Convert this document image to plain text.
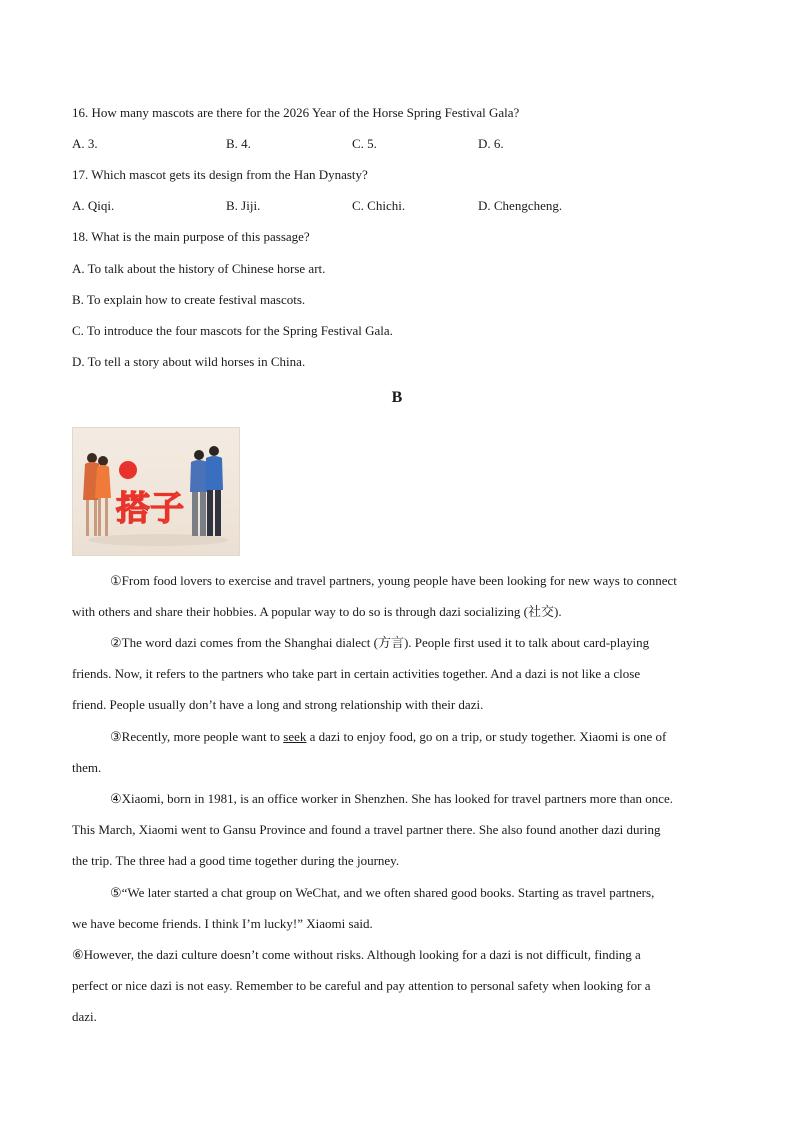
16. How many mascots are there for the 2026 Year of the Horse Spring Festival Gala?
A. 3.	B. 4.	C. 5.	D. 6.
17. Which mascot gets its design from the Han Dynasty?
A. Qiqi.	B. Jiji.	C. Chichi.	D. Chengcheng.
18. What is the main purpose of this passage?
A. To talk about the history of Chinese horse art.
B. To explain how to create festival mascots.
C. To introduce the four mascots for the Spring Festival Gala.
D. To tell a story about wild horses in China.
B
搭子
①From food lovers to exercise and travel partners, young people have been looking for new ways to connect
with others and share their hobbies. A popular way to do so is through dazi socializing (社交).
②The word dazi comes from the Shanghai dialect (方言). People first used it to talk about card-playing
friends. Now, it refers to the partners who take part in certain activities together. And a dazi is not like a close
friend. People usually don’t have a long and strong relationship with their dazi.
③Recently, more people want to seek a dazi to enjoy food, go on a trip, or study together. Xiaomi is one of
them.
④Xiaomi, born in 1981, is an office worker in Shenzhen. She has looked for travel partners more than once.
This March, Xiaomi went to Gansu Province and found a travel partner there. She also found another dazi during
the trip. The three had a good time together during the journey.
⑤“We later started a chat group on WeChat, and we often shared good books. Starting as travel partners,
we have become friends. I think I’m lucky!” Xiaomi said.
⑥However, the dazi culture doesn’t come without risks. Although looking for a dazi is not difficult, finding a
perfect or nice dazi is not easy. Remember to be careful and pay attention to personal safety when looking for a
dazi.
